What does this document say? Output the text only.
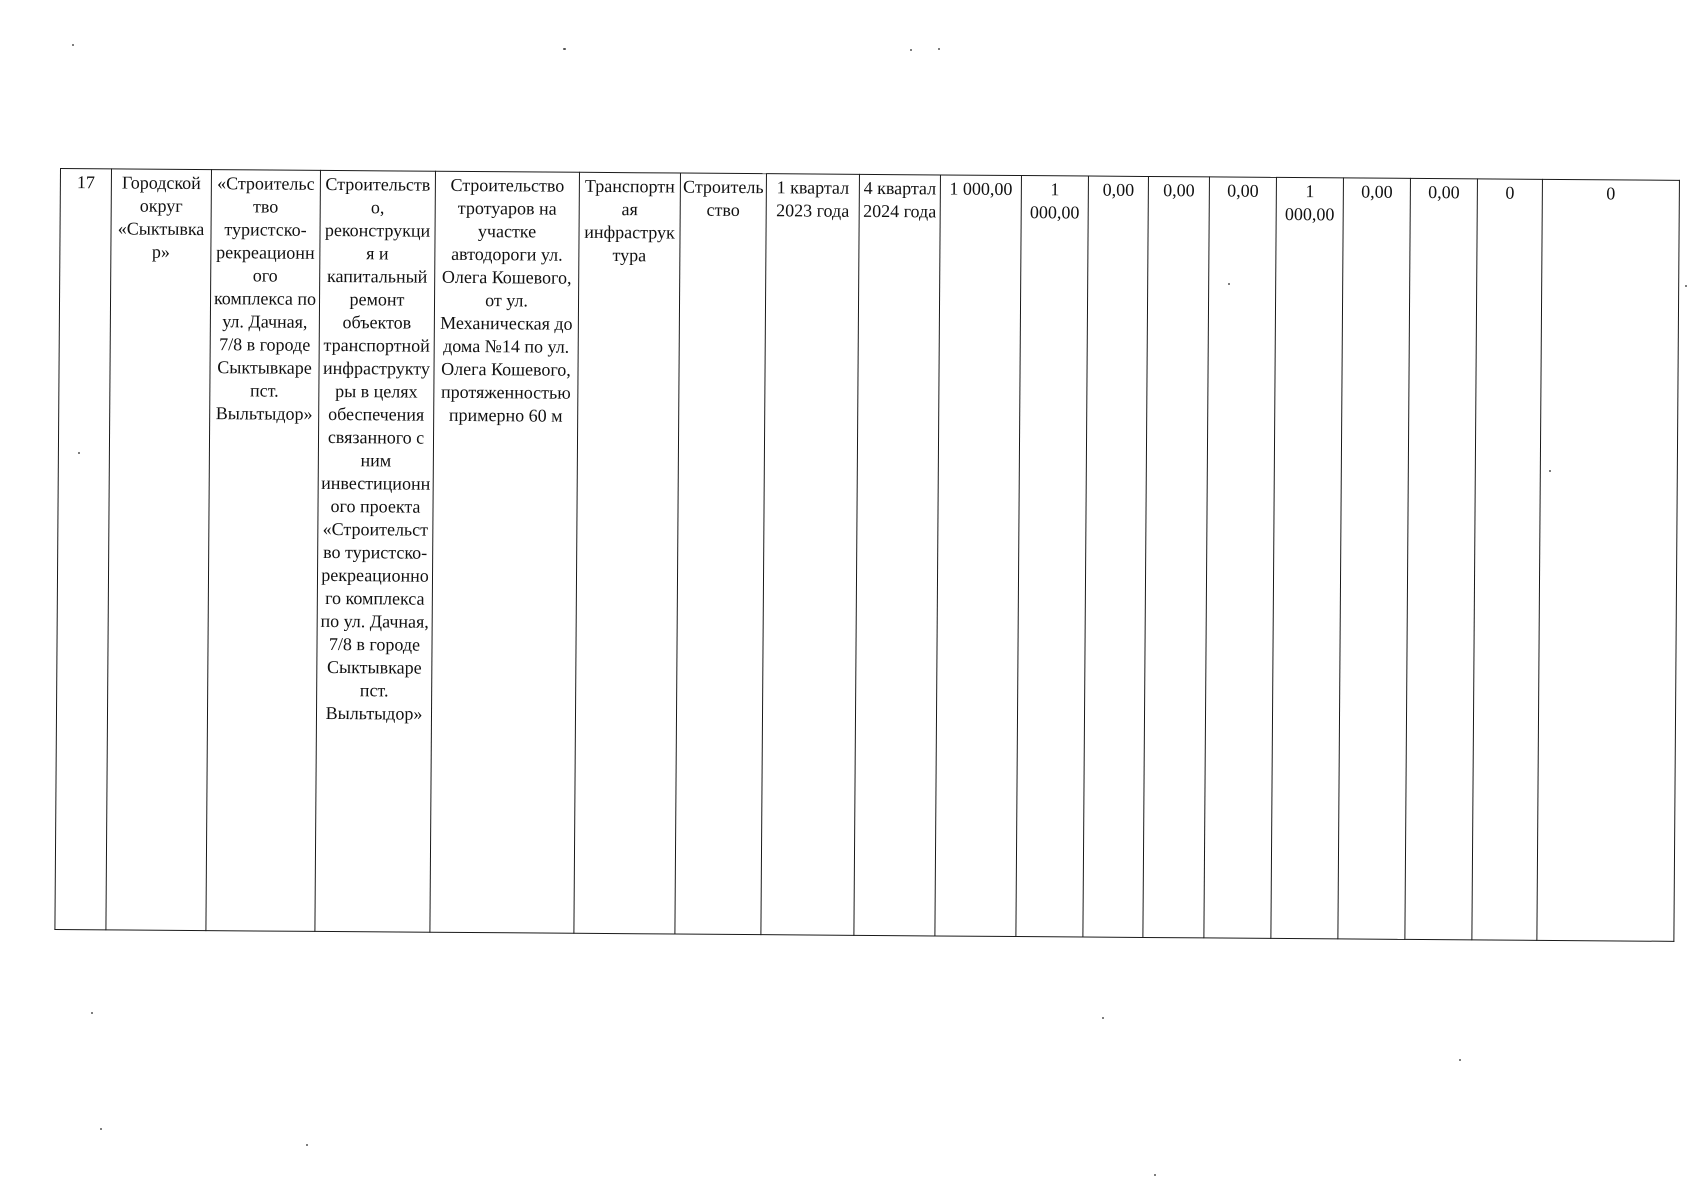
17	Городской округ «Сыктывкар»	«Строительство туристско-рекреационного комплекса по ул. Дачная, 7/8 в городе Сыктывкаре пст. Выльтыдор»	Строительство, реконструкция и капитальный ремонт объектов транспортной инфраструктуры в целях обеспечения связанного с ним инвестиционного проекта «Строительство туристско-рекреационного комплекса по ул. Дачная, 7/8 в городе Сыктывкаре пст. Выльтыдор»	Строительство тротуаров на участке автодороги ул. Олега Кошевого, от ул. Механическая до дома №14 по ул. Олега Кошевого, протяженностью примерно 60 м	Транспортная инфраструктура	Строительство	1 квартал 2023 года	4 квартал 2024 года	1 000,00	1 000,00	0,00	0,00	0,00	1 000,00	0,00	0,00	0	0
